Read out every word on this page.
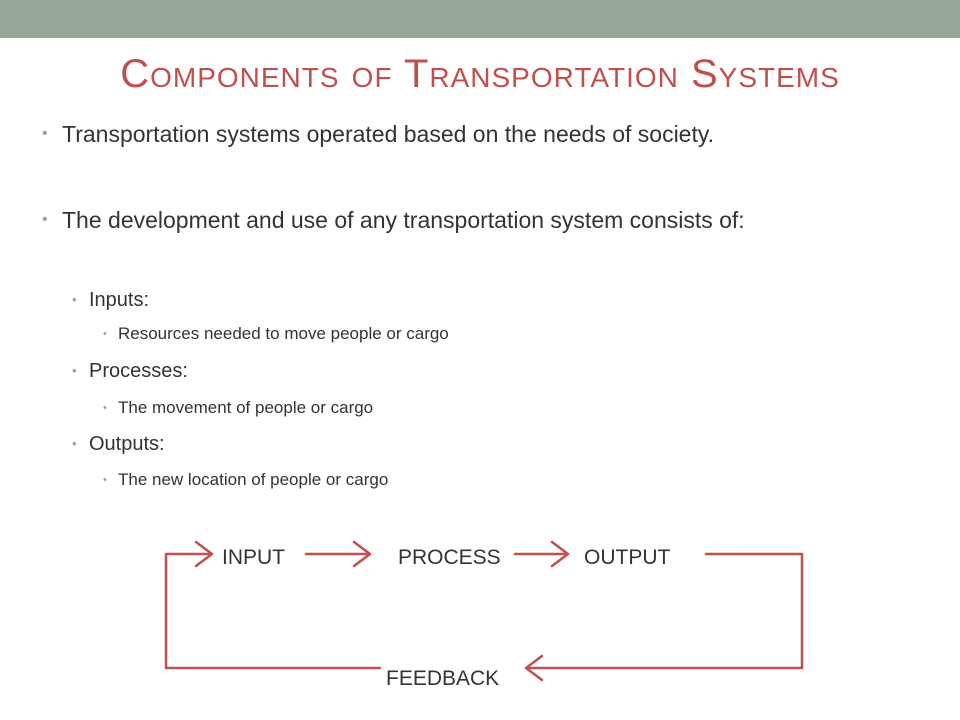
Components of Transportation Systems
• Transportation systems operated based on the needs of society.
• The development and use of any transportation system consists of:
• Inputs:
• Resources needed to move people or cargo
• Processes:
• The movement of people or cargo
• Outputs:
• The new location of people or cargo
INPUT	PROCESS	OUTPUT
FEEDBACK
